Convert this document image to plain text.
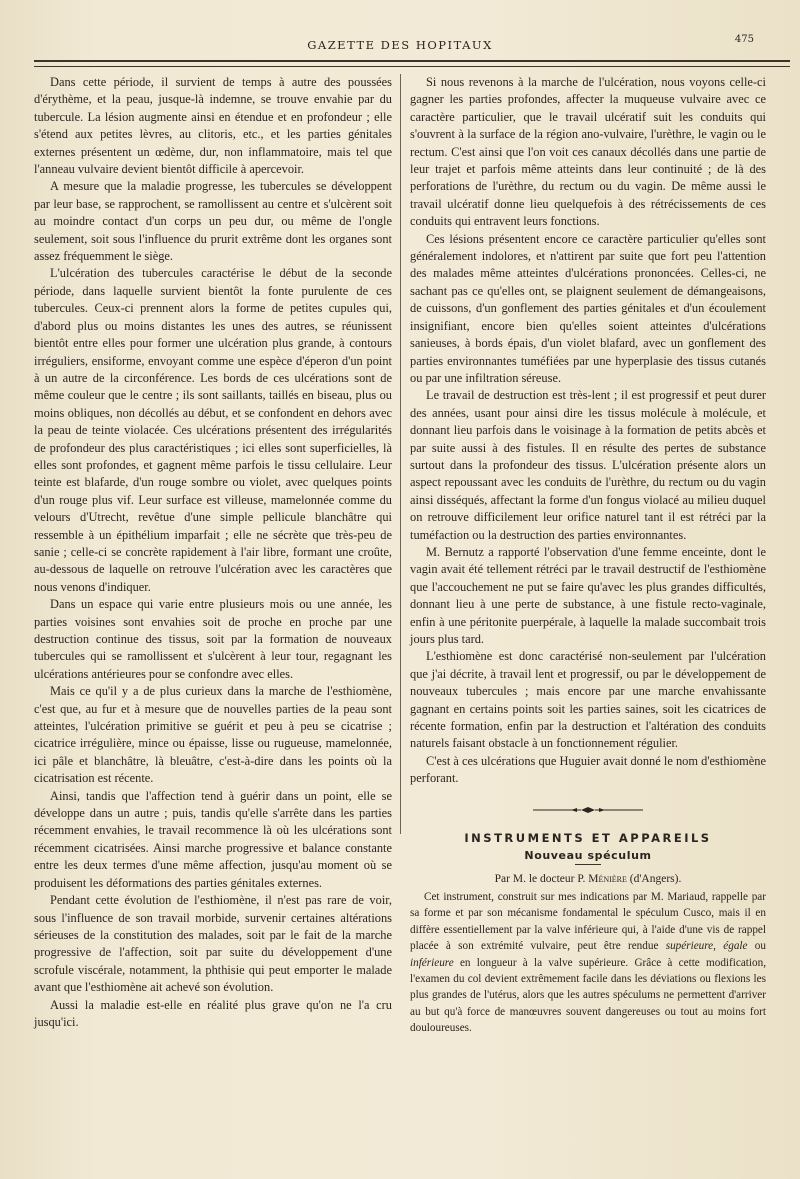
GAZETTE DES HOPITAUX	475

Dans cette période, il survient de temps à autre des poussées d'érythème, et la peau, jusque-là indemne, se trouve envahie par du tubercule. La lésion augmente ainsi en étendue et en profondeur ; elle s'étend aux petites lèvres, au clitoris, etc., et les parties génitales externes présentent un œdème, dur, non inflammatoire, mais tel que l'anneau vulvaire devient bientôt difficile à apercevoir.

A mesure que la maladie progresse, les tubercules se développent par leur base, se rapprochent, se ramollissent au centre et s'ulcèrent soit au moindre contact d'un corps un peu dur, ou même de l'ongle seulement, soit sous l'influence du prurit extrême dont les organes sont assez fréquemment le siège.

L'ulcération des tubercules caractérise le début de la seconde période, dans laquelle survient bientôt la fonte purulente de ces tubercules. Ceux-ci prennent alors la forme de petites cupules qui, d'abord plus ou moins distantes les unes des autres, se réunissent bientôt entre elles pour former une ulcération plus grande, à contours irréguliers, ensiforme, envoyant comme une espèce d'éperon d'un point à un autre de la circonférence. Les bords de ces ulcérations sont de même couleur que le centre ; ils sont saillants, taillés en biseau, plus ou moins obliques, non décollés au début, et se confondent en dehors avec la peau de teinte violacée. Ces ulcérations présentent des irrégularités de profondeur des plus caractéristiques ; ici elles sont superficielles, là elles sont profondes, et gagnent même parfois le tissu cellulaire. Leur teinte est blafarde, d'un rouge sombre ou violet, avec quelques points d'un rouge plus vif. Leur surface est villeuse, mamelonnée comme du velours d'Utrecht, revêtue d'une simple pellicule blanchâtre qui ressemble à un épithélium imparfait ; elle ne sécrète que très-peu de sanie ; celle-ci se concrète rapidement à l'air libre, formant une croûte, au-dessous de laquelle on retrouve l'ulcération avec les caractères que nous venons d'indiquer.

Dans un espace qui varie entre plusieurs mois ou une année, les parties voisines sont envahies soit de proche en proche par une destruction continue des tissus, soit par la formation de nouveaux tubercules qui se ramollissent et s'ulcèrent à leur tour, regagnant les ulcérations antérieures pour se confondre avec elles.

Mais ce qu'il y a de plus curieux dans la marche de l'esthiomène, c'est que, au fur et à mesure que de nouvelles parties de la peau sont atteintes, l'ulcération primitive se guérit et peu à peu se cicatrise ; cicatrice irrégulière, mince ou épaisse, lisse ou rugueuse, mamelonnée, ici pâle et blanchâtre, là bleuâtre, c'est-à-dire dans les points où la cicatrisation est récente.

Ainsi, tandis que l'affection tend à guérir dans un point, elle se développe dans un autre ; puis, tandis qu'elle s'arrête dans les parties récemment envahies, le travail recommence là où les ulcérations sont récemment cicatrisées. Ainsi marche progressive et balance constante entre les deux termes d'une même affection, jusqu'au moment où se produisent les déformations des parties génitales externes.

Pendant cette évolution de l'esthiomène, il n'est pas rare de voir, sous l'influence de son travail morbide, survenir certaines altérations sérieuses de la constitution des malades, soit par le fait de la marche progressive de l'affection, soit par suite du développement d'une scrofule viscérale, notamment, la phthisie qui peut emporter le malade avant que l'esthiomène ait achevé son évolution.

Aussi la maladie est-elle en réalité plus grave qu'on ne l'a cru jusqu'ici.

Si nous revenons à la marche de l'ulcération, nous voyons celle-ci gagner les parties profondes, affecter la muqueuse vulvaire avec ce caractère particulier, que le travail ulcératif suit les conduits qui s'ouvrent à la surface de la région ano-vulvaire, l'urèthre, le vagin ou le rectum. C'est ainsi que l'on voit ces canaux décollés dans une partie de leur trajet et parfois même atteints dans leur continuité ; de là des perforations de l'urèthre, du rectum ou du vagin. De même aussi le travail ulcératif donne lieu quelquefois à des rétrécissements de ces conduits qui entravent leurs fonctions.

Ces lésions présentent encore ce caractère particulier qu'elles sont généralement indolores, et n'attirent par suite que fort peu l'attention des malades même atteintes d'ulcérations prononcées. Celles-ci, ne sachant pas ce qu'elles ont, se plaignent seulement de démangeaisons, de cuissons, d'un gonflement des parties génitales et d'un écoulement insignifiant, encore bien qu'elles soient atteintes d'ulcérations sanieuses, à bords épais, d'un violet blafard, avec un gonflement des parties environnantes tuméfiées par une hyperplasie des tissus cutanés ou par une infiltration séreuse.

Le travail de destruction est très-lent ; il est progressif et peut durer des années, usant pour ainsi dire les tissus molécule à molécule, et donnant lieu parfois dans le voisinage à la formation de petits abcès et par suite aussi à des fistules. Il en résulte des pertes de substance surtout dans la profondeur des tissus. L'ulcération présente alors un aspect repoussant avec les conduits de l'urèthre, du rectum ou du vagin ainsi disséqués, affectant la forme d'un fongus violacé au milieu duquel on retrouve difficilement leur orifice naturel tant il est rétréci par la tuméfaction ou la destruction des parties environnantes.

M. Bernutz a rapporté l'observation d'une femme enceinte, dont le vagin avait été tellement rétréci par le travail destructif de l'esthiomène que l'accouchement ne put se faire qu'avec les plus grandes difficultés, donnant lieu à une perte de substance, à une fistule recto-vaginale, enfin à une péritonite puerpérale, à laquelle la malade succombait trois jours plus tard.

L'esthiomène est donc caractérisé non-seulement par l'ulcération que j'ai décrite, à travail lent et progressif, ou par le développement de nouveaux tubercules ; mais encore par une marche envahissante gagnant en certains points soit les parties saines, soit les cicatrices de récente formation, enfin par la destruction et l'altération des conduits naturels faisant obstacle à un fonctionnement régulier.

C'est à ces ulcérations que Huguier avait donné le nom d'esthiomène perforant.

INSTRUMENTS ET APPAREILS

Nouveau spéculum

Par M. le docteur P. Ménière (d'Angers).

Cet instrument, construit sur mes indications par M. Mariaud, rappelle par sa forme et par son mécanisme fondamental le spéculum Cusco, mais il en diffère essentiellement par la valve inférieure qui, à l'aide d'une vis de rappel placée à son extrémité vulvaire, peut être rendue supérieure, égale ou inférieure en longueur à la valve supérieure. Grâce à cette modification, l'examen du col devient extrêmement facile dans les déviations ou flexions les plus grandes de l'utérus, alors que les autres spéculums ne permettent d'arriver au but qu'à force de manœuvres souvent dangereuses ou tout au moins fort douloureuses.
